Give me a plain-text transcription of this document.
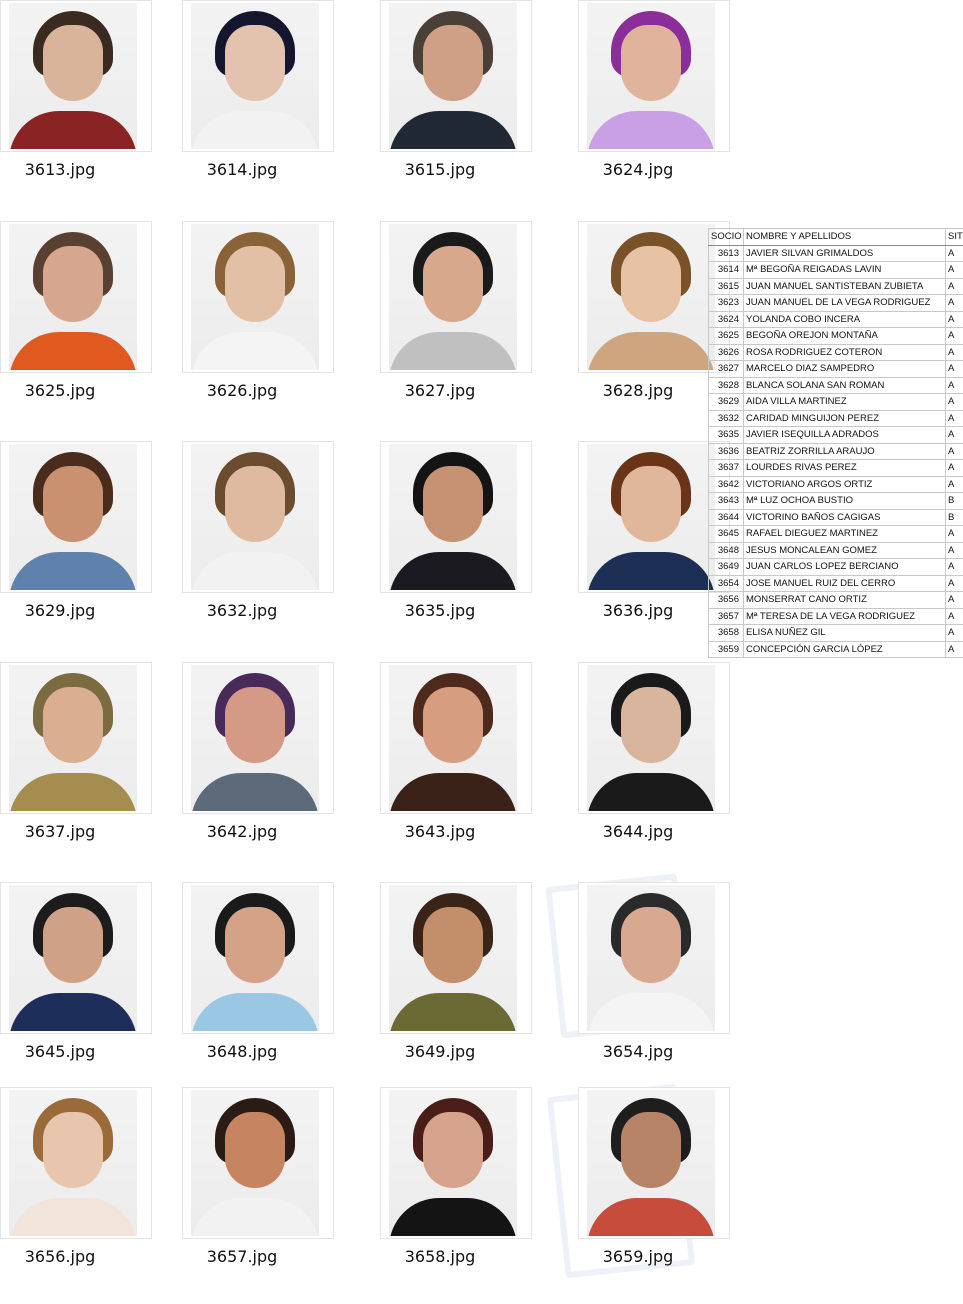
3613.jpg	3614.jpg	3615.jpg	3624.jpg
3625.jpg	3626.jpg	3627.jpg	3628.jpg
3629.jpg	3632.jpg	3635.jpg	3636.jpg
3637.jpg	3642.jpg	3643.jpg	3644.jpg
3645.jpg	3648.jpg	3649.jpg	3654.jpg
3656.jpg	3657.jpg	3658.jpg	3659.jpg
SOCIO	NOMBRE Y APELLIDOS	SIT
3613	JAVIER SILVAN GRIMALDOS	A
3614	Mª BEGOÑA REIGADAS LAVIN	A
3615	JUAN MANUEL SANTISTEBAN ZUBIETA	A
3623	JUAN MANUEL DE LA VEGA RODRIGUEZ	A
3624	YOLANDA COBO INCERA	A
3625	BEGOÑA OREJON MONTAÑA	A
3626	ROSA RODRIGUEZ COTERON	A
3627	MARCELO DIAZ SAMPEDRO	A
3628	BLANCA SOLANA SAN ROMAN	A
3629	AIDA VILLA MARTINEZ	A
3632	CARIDAD MINGUIJON PEREZ	A
3635	JAVIER ISEQUILLA ADRADOS	A
3636	BEATRIZ ZORRILLA ARAUJO	A
3637	LOURDES RIVAS PEREZ	A
3642	VICTORIANO ARGOS ORTIZ	A
3643	Mª LUZ OCHOA BUSTIO	B
3644	VICTORINO BAÑOS CAGIGAS	B
3645	RAFAEL DIEGUEZ MARTINEZ	A
3648	JESUS MONCALEAN GOMEZ	A
3649	JUAN CARLOS LOPEZ BERCIANO	A
3654	JOSE MANUEL RUIZ DEL CERRO	A
3656	MONSERRAT CANO ORTIZ	A
3657	Mª TERESA DE LA VEGA RODRIGUEZ	A
3658	ELISA NUÑEZ GIL	A
3659	CONCEPCIÓN GARCIA LÓPEZ	A
